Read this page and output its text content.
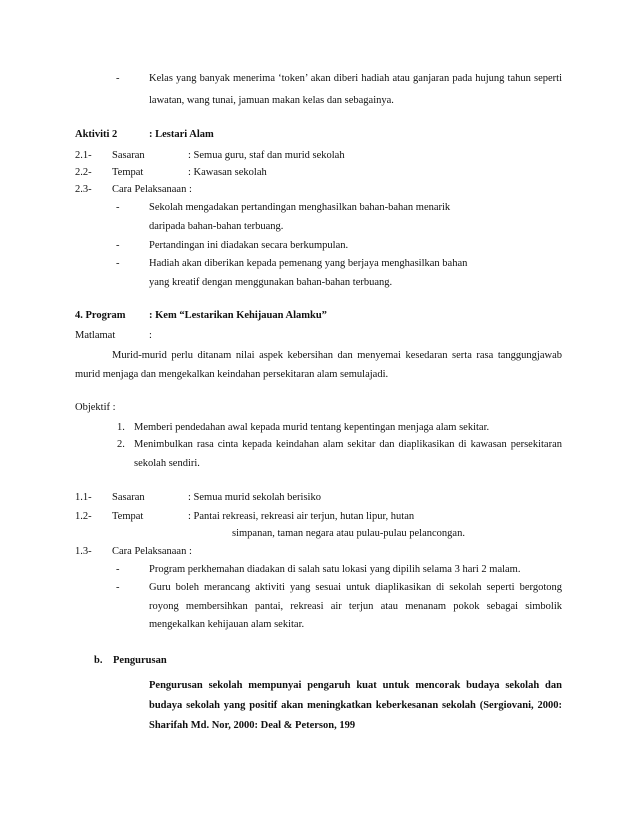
-	Kelas yang banyak menerima ‘token’ akan diberi hadiah atau ganjaran pada hujung tahun seperti
lawatan, wang tunai, jamuan makan kelas dan sebagainya.
Aktiviti 2	: Lestari Alam
2.1- Sasaran	: Semua guru, staf dan murid sekolah
2.2- Tempat	: Kawasan sekolah
2.3- Cara Pelaksanaan :
-	Sekolah mengadakan pertandingan menghasilkan bahan-bahan menarik
daripada bahan-bahan terbuang.
-	Pertandingan ini diadakan secara berkumpulan.
-	Hadiah akan diberikan kepada pemenang yang berjaya menghasilkan bahan
yang kreatif dengan menggunakan bahan-bahan terbuang.
4. Program : Kem “Lestarikan Kehijauan Alamku”
Matlamat	:
Murid-murid perlu ditanam nilai aspek kebersihan dan menyemai kesedaran serta rasa tanggungjawab
murid menjaga dan mengekalkan keindahan persekitaran alam semulajadi.
Objektif :
1. Memberi pendedahan awal kepada murid tentang kepentingan menjaga alam sekitar.
2. Menimbulkan rasa cinta kepada keindahan alam sekitar dan diaplikasikan di kawasan persekitaran
sekolah sendiri.
1.1- Sasaran	: Semua murid sekolah berisiko
1.2- Tempat	: Pantai rekreasi, rekreasi air terjun, hutan lipur, hutan
simpanan, taman negara atau pulau-pulau pelancongan.
1.3- Cara Pelaksanaan :
-	Program perkhemahan diadakan di salah satu lokasi yang dipilih selama 3 hari 2 malam.
-	Guru boleh merancang aktiviti yang sesuai untuk diaplikasikan di sekolah seperti bergotong
royong membersihkan pantai, rekreasi air terjun atau menanam pokok sebagai simbolik
mengekalkan kehijauan alam sekitar.
b. Pengurusan
Pengurusan sekolah mempunyai pengaruh kuat untuk mencorak budaya sekolah dan
budaya sekolah yang positif akan meningkatkan keberkesanan sekolah (Sergiovani, 2000:
Sharifah Md. Nor, 2000: Deal & Peterson, 199
